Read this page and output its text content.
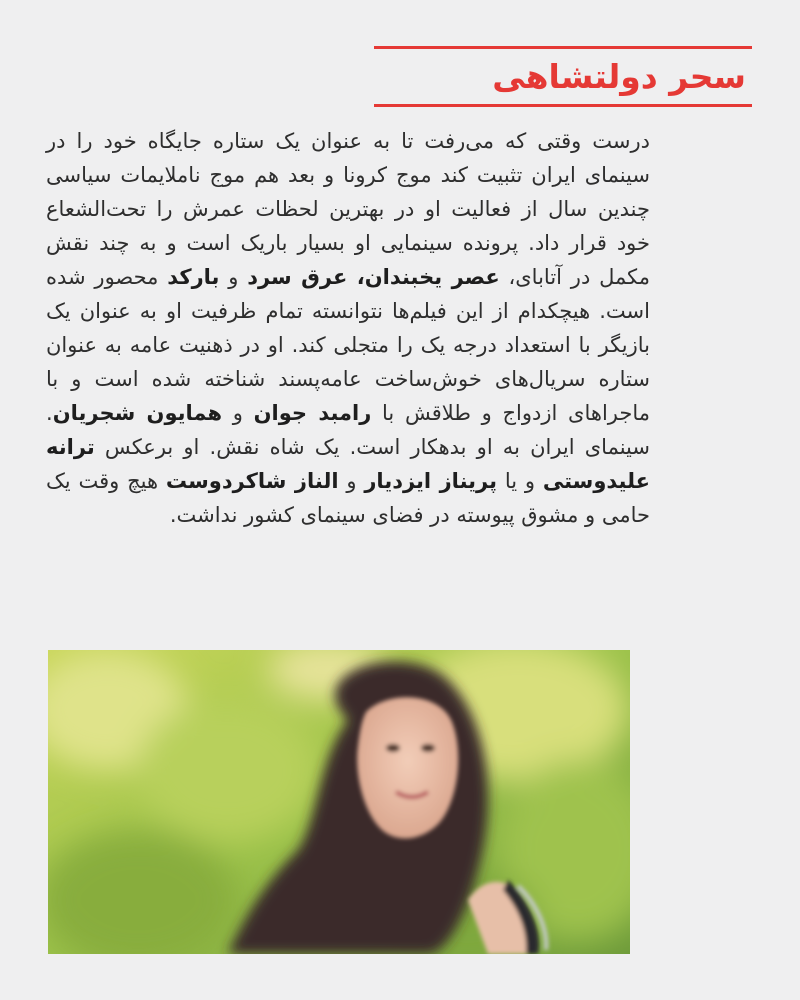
سحر دولتشاهی
درست وقتی که می‌رفت تا به عنوان یک ستاره جایگاه خود را در سینمای ایران تثبیت کند موج کرونا و بعد هم موج ناملایمات سیاسی چندین سال از فعالیت او در بهترین لحظات عمرش را تحت‌الشعاع خود قرار داد. پرونده سینمایی او بسیار باریک است و به چند نقش مکمل در آتابای، عصر یخبندان، عرق سرد و بارکد محصور شده است. هیچکدام از این فیلم‌ها نتوانسته تمام ظرفیت او به عنوان یک بازیگر با استعداد درجه یک را متجلی کند. او در ذهنیت عامه به عنوان ستاره سریال‌های خوش‌ساخت عامه‌پسند شناخته شده است و با ماجراهای ازدواج و طلاقش با رامبد جوان و همایون شجریان. سینمای ایران به او بدهکار است. یک شاه نقش. او برعکس ترانه علیدوستی و یا پریناز ایزدیار و الناز شاکردوست هیچ وقت یک حامی و مشوق پیوسته در فضای سینمای کشور نداشت.
